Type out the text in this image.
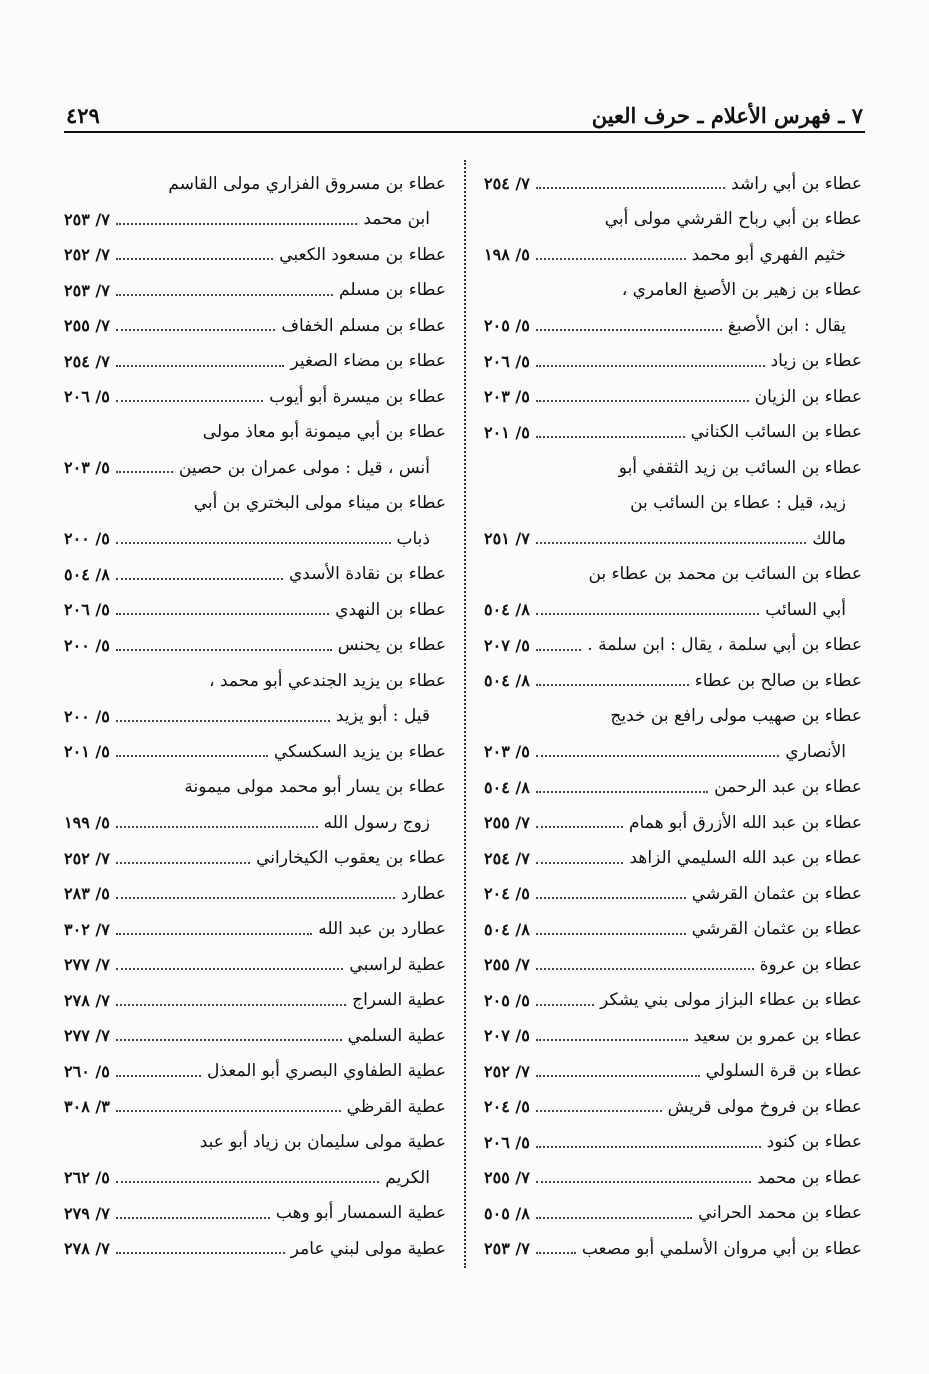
٧ ـ فهرس الأعلام ـ حرف العين
٤٢٩
عطاء بن أبي راشد
٧/ ٢٥٤
عطاء بن أبي رباح القرشي مولى أبي
خثيم الفهري أبو محمد
٥/ ١٩٨
عطاء بن زهير بن الأصبغ العامري ،
يقال : ابن الأصبغ
٥/ ٢٠٥
عطاء بن زياد
٥/ ٢٠٦
عطاء بن الزيان
٥/ ٢٠٣
عطاء بن السائب الكناني
٥/ ٢٠١
عطاء بن السائب بن زيد الثقفي أبو
زيد، قيل : عطاء بن السائب بن
مالك
٧/ ٢٥١
عطاء بن السائب بن محمد بن عطاء بن
أبي السائب
٨/ ٥٠٤
عطاء بن أبي سلمة ، يقال : ابن سلمة .
٥/ ٢٠٧
عطاء بن صالح بن عطاء
٨/ ٥٠٤
عطاء بن صهيب مولى رافع بن خديج
الأنصاري
٥/ ٢٠٣
عطاء بن عبد الرحمن
٨/ ٥٠٤
عطاء بن عبد الله الأزرق أبو همام
٧/ ٢٥٥
عطاء بن عبد الله السليمي الزاهد
٧/ ٢٥٤
عطاء بن عثمان القرشي
٥/ ٢٠٤
عطاء بن عثمان القرشي
٨/ ٥٠٤
عطاء بن عروة
٧/ ٢٥٥
عطاء بن عطاء البزاز مولى بني يشكر
٥/ ٢٠٥
عطاء بن عمرو بن سعيد
٥/ ٢٠٧
عطاء بن قرة السلولي
٧/ ٢٥٢
عطاء بن فروخ مولى قريش
٥/ ٢٠٤
عطاء بن كنود
٥/ ٢٠٦
عطاء بن محمد
٧/ ٢٥٥
عطاء بن محمد الحراني
٨/ ٥٠٥
عطاء بن أبي مروان الأسلمي أبو مصعب
٧/ ٢٥٣
عطاء بن مسروق الفزاري مولى القاسم
ابن محمد
٧/ ٢٥٣
عطاء بن مسعود الكعبي
٧/ ٢٥٢
عطاء بن مسلم
٧/ ٢٥٣
عطاء بن مسلم الخفاف
٧/ ٢٥٥
عطاء بن مضاء الصغير
٧/ ٢٥٤
عطاء بن ميسرة أبو أيوب
٥/ ٢٠٦
عطاء بن أبي ميمونة أبو معاذ مولى
أنس ، قيل : مولى عمران بن حصين
٥/ ٢٠٣
عطاء بن ميناء مولى البختري بن أبي
ذباب
٥/ ٢٠٠
عطاء بن نقادة الأسدي
٨/ ٥٠٤
عطاء بن النهدي
٥/ ٢٠٦
عطاء بن يحنس
٥/ ٢٠٠
عطاء بن يزيد الجندعي أبو محمد ،
قيل : أبو يزيد
٥/ ٢٠٠
عطاء بن يزيد السكسكي
٥/ ٢٠١
عطاء بن يسار أبو محمد مولى ميمونة
زوج رسول الله
٥/ ١٩٩
عطاء بن يعقوب الكيخاراني
٧/ ٢٥٢
عطارد
٥/ ٢٨٣
عطارد بن عبد الله
٧/ ٣٠٢
عطية لراسبي
٧/ ٢٧٧
عطية السراج
٧/ ٢٧٨
عطية السلمي
٧/ ٢٧٧
عطية الطفاوي البصري أبو المعذل
٥/ ٢٦٠
عطية القرظي
٣/ ٣٠٨
عطية مولى سليمان بن زياد أبو عبد
الكريم
٥/ ٢٦٢
عطية السمسار أبو وهب
٧/ ٢٧٩
عطية مولى لبني عامر
٧/ ٢٧٨
